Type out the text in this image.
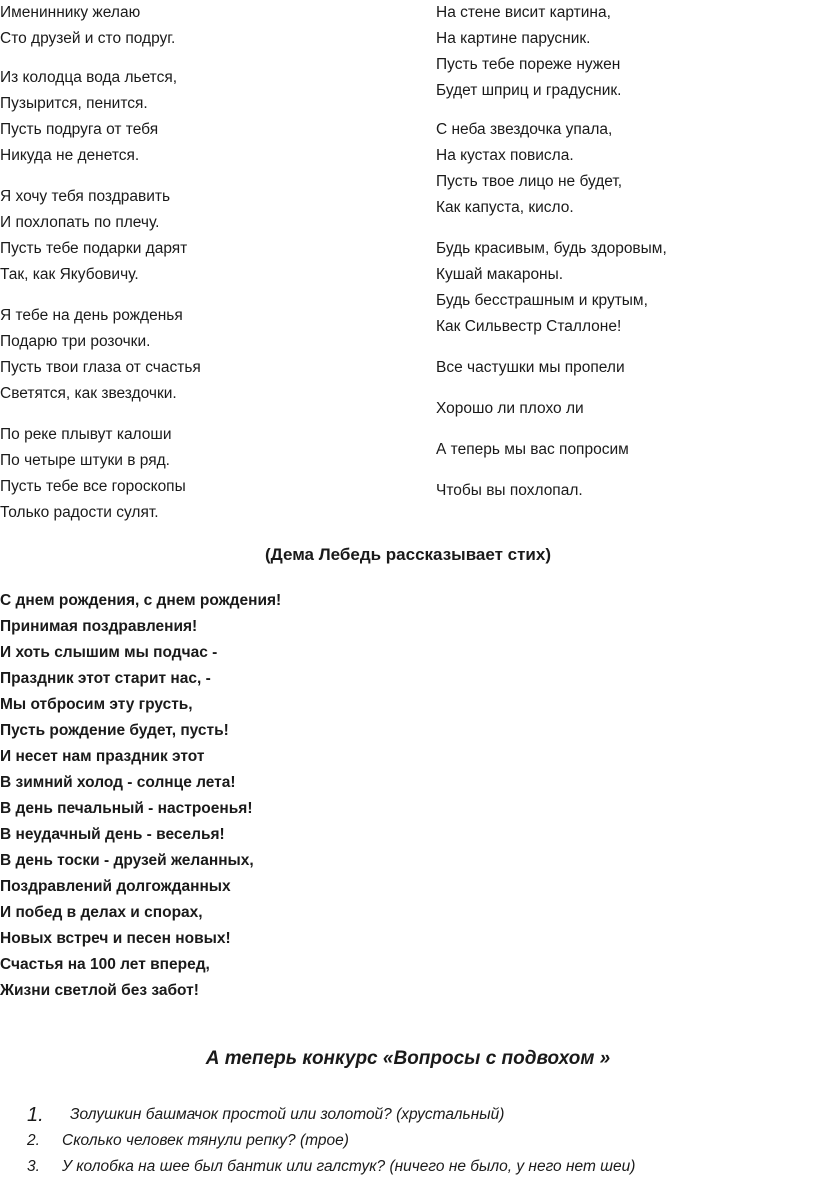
Имениннику желаю
Сто друзей и сто подруг.
Из колодца вода льется,
Пузырится, пенится.
Пусть подруга от тебя
Никуда не денется.
Я хочу тебя поздравить
И похлопать по плечу.
Пусть тебе подарки дарят
Так, как Якубовичу.
Я тебе на день рожденья
Подарю три розочки.
Пусть твои глаза от счастья
Светятся, как звездочки.
По реке плывут калоши
По четыре штуки в ряд.
Пусть тебе все гороскопы
Только радости сулят.
На стене висит картина,
На картине парусник.
Пусть тебе пореже нужен
Будет шприц и градусник.
С неба звездочка упала,
На кустах повисла.
Пусть твое лицо не будет,
Как капуста, кисло.
Будь красивым, будь здоровым,
Кушай макароны.
Будь бесстрашным и крутым,
Как Сильвестр Сталлоне!
Все частушки мы пропели
Хорошо ли плохо ли
А теперь мы вас попросим
Чтобы вы похлопал.
(Дема Лебедь рассказывает стих)
С днем рождения, с днем рождения!
Принимая поздравления!
И хоть слышим мы подчас -
Праздник этот старит нас, -
Мы отбросим эту грусть,
Пусть рождение будет, пусть!
И несет нам праздник этот
В зимний холод - солнце лета!
В день печальный - настроенья!
В неудачный день - веселья!
В день тоски - друзей желанных,
Поздравлений долгожданных
И побед в делах и спорах,
Новых встреч и песен новых!
Счастья на 100 лет вперед,
Жизни светлой без забот!
А теперь конкурс «Вопросы с подвохом »
1. Золушкин башмачок простой или золотой? (хрустальный)
2. Сколько человек тянули репку? (трое)
3. У колобка на шее был бантик или галстук? (ничего не было, у него нет шеи)
